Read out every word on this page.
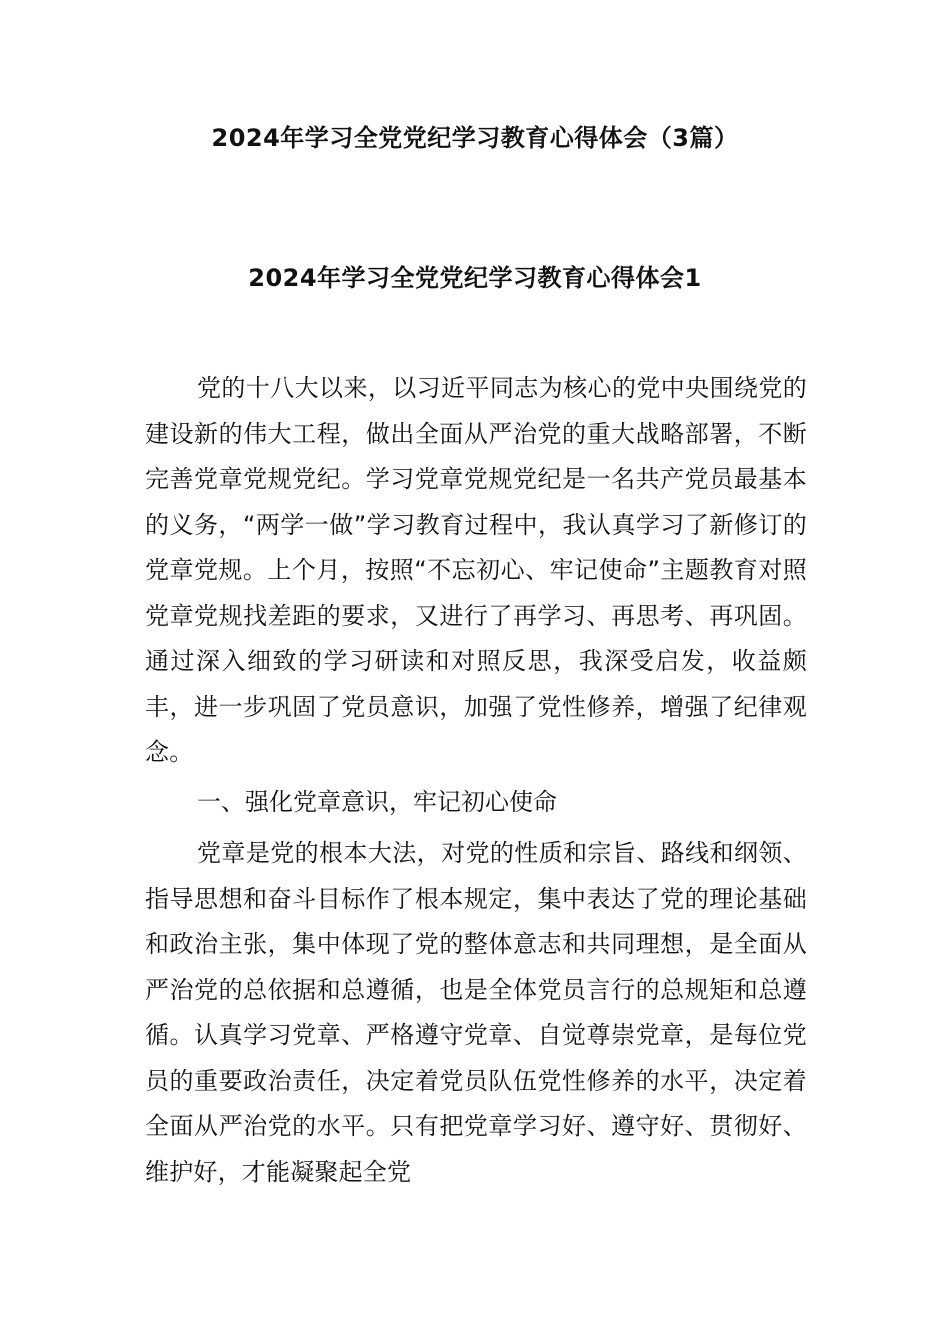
2024年学习全党党纪学习教育心得体会（3篇）
2024年学习全党党纪学习教育心得体会1

党的十八大以来，以习近平同志为核心的党中央围绕党的建设新的伟大工程，做出全面从严治党的重大战略部署，不断完善党章党规党纪。学习党章党规党纪是一名共产党员最基本的义务，“两学一做”学习教育过程中，我认真学习了新修订的党章党规。上个月，按照“不忘初心、牢记使命”主题教育对照党章党规找差距的要求，又进行了再学习、再思考、再巩固。通过深入细致的学习研读和对照反思，我深受启发，收益颇丰，进一步巩固了党员意识，加强了党性修养，增强了纪律观念。

一、强化党章意识，牢记初心使命

党章是党的根本大法，对党的性质和宗旨、路线和纲领、指导思想和奋斗目标作了根本规定，集中表达了党的理论基础和政治主张，集中体现了党的整体意志和共同理想，是全面从严治党的总依据和总遵循，也是全体党员言行的总规矩和总遵循。认真学习党章、严格遵守党章、自觉尊崇党章，是每位党员的重要政治责任，决定着党员队伍党性修养的水平，决定着全面从严治党的水平。只有把党章学习好、遵守好、贯彻好、维护好，才能凝聚起全党
